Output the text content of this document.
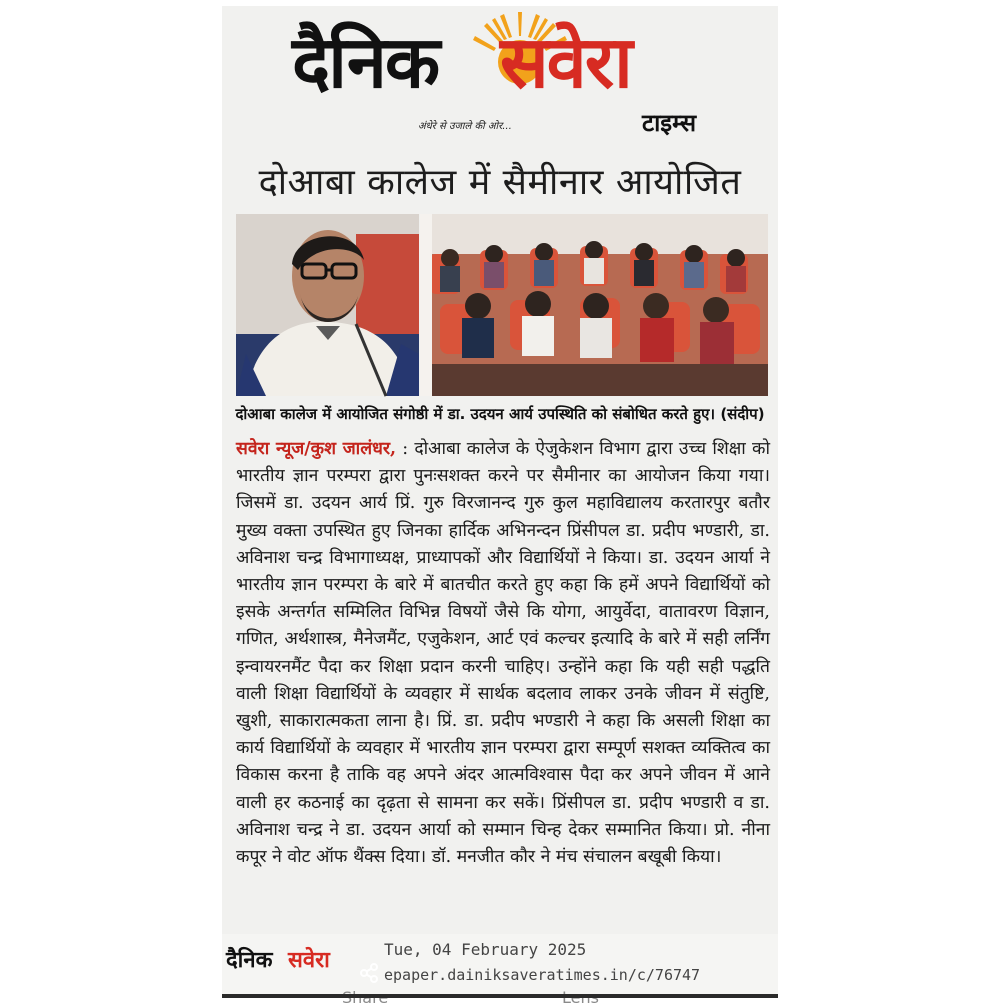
दैनिक सवेरा
अंधेरे से उजाले की ओर...	टाइम्स
दोआबा कालेज में सैमीनार आयोजित
दोआबा कालेज में आयोजित संगोष्ठी में डा. उदयन आर्य उपस्थिति को संबोधित करते हुए। (संदीप)
सवेरा न्यूज/कुश जालंधर, : दोआबा कालेज के ऐजुकेशन विभाग द्वारा उच्च शिक्षा को भारतीय ज्ञान परम्परा द्वारा पुनःसशक्त करने पर सैमीनार का आयोजन किया गया। जिसमें डा. उदयन आर्य प्रिं. गुरु विरजानन्द गुरु कुल महाविद्यालय करतारपुर बतौर मुख्य वक्ता उपस्थित हुए जिनका हार्दिक अभिनन्दन प्रिंसीपल डा. प्रदीप भण्डारी, डा. अविनाश चन्द्र विभागाध्यक्ष, प्राध्यापकों और विद्यार्थियों ने किया। डा. उदयन आर्या ने भारतीय ज्ञान परम्परा के बारे में बातचीत करते हुए कहा कि हमें अपने विद्यार्थियों को इसके अन्तर्गत सम्मिलित विभिन्न विषयों जैसे कि योगा, आयुर्वेदा, वातावरण विज्ञान, गणित, अर्थशास्त्र, मैनेजमैंट, एजुकेशन, आर्ट एवं कल्चर इत्यादि के बारे में सही लर्निंग इन्वायरनमैंट पैदा कर शिक्षा प्रदान करनी चाहिए। उन्होंने कहा कि यही सही पद्धति वाली शिक्षा विद्यार्थियों के व्यवहार में सार्थक बदलाव लाकर उनके जीवन में संतुष्टि, खुशी, साकारात्मकता लाना है। प्रिं. डा. प्रदीप भण्डारी ने कहा कि असली शिक्षा का कार्य विद्यार्थियों के व्यवहार में भारतीय ज्ञान परम्परा द्वारा सम्पूर्ण सशक्त व्यक्तित्व का विकास करना है ताकि वह अपने अंदर आत्मविश्वास पैदा कर अपने जीवन में आने वाली हर कठनाई का दृढ़ता से सामना कर सकें। प्रिंसीपल डा. प्रदीप भण्डारी व डा. अविनाश चन्द्र ने डा. उदयन आर्या को सम्मान चिन्ह देकर सम्मानित किया। प्रो. नीना कपूर ने वोट ऑफ थैंक्स दिया। डॉ. मनजीत कौर ने मंच संचालन बखूबी किया।
दैनिक सवेरा	Tue, 04 February 2025
epaper.dainiksaveratimes.in/c/76747
